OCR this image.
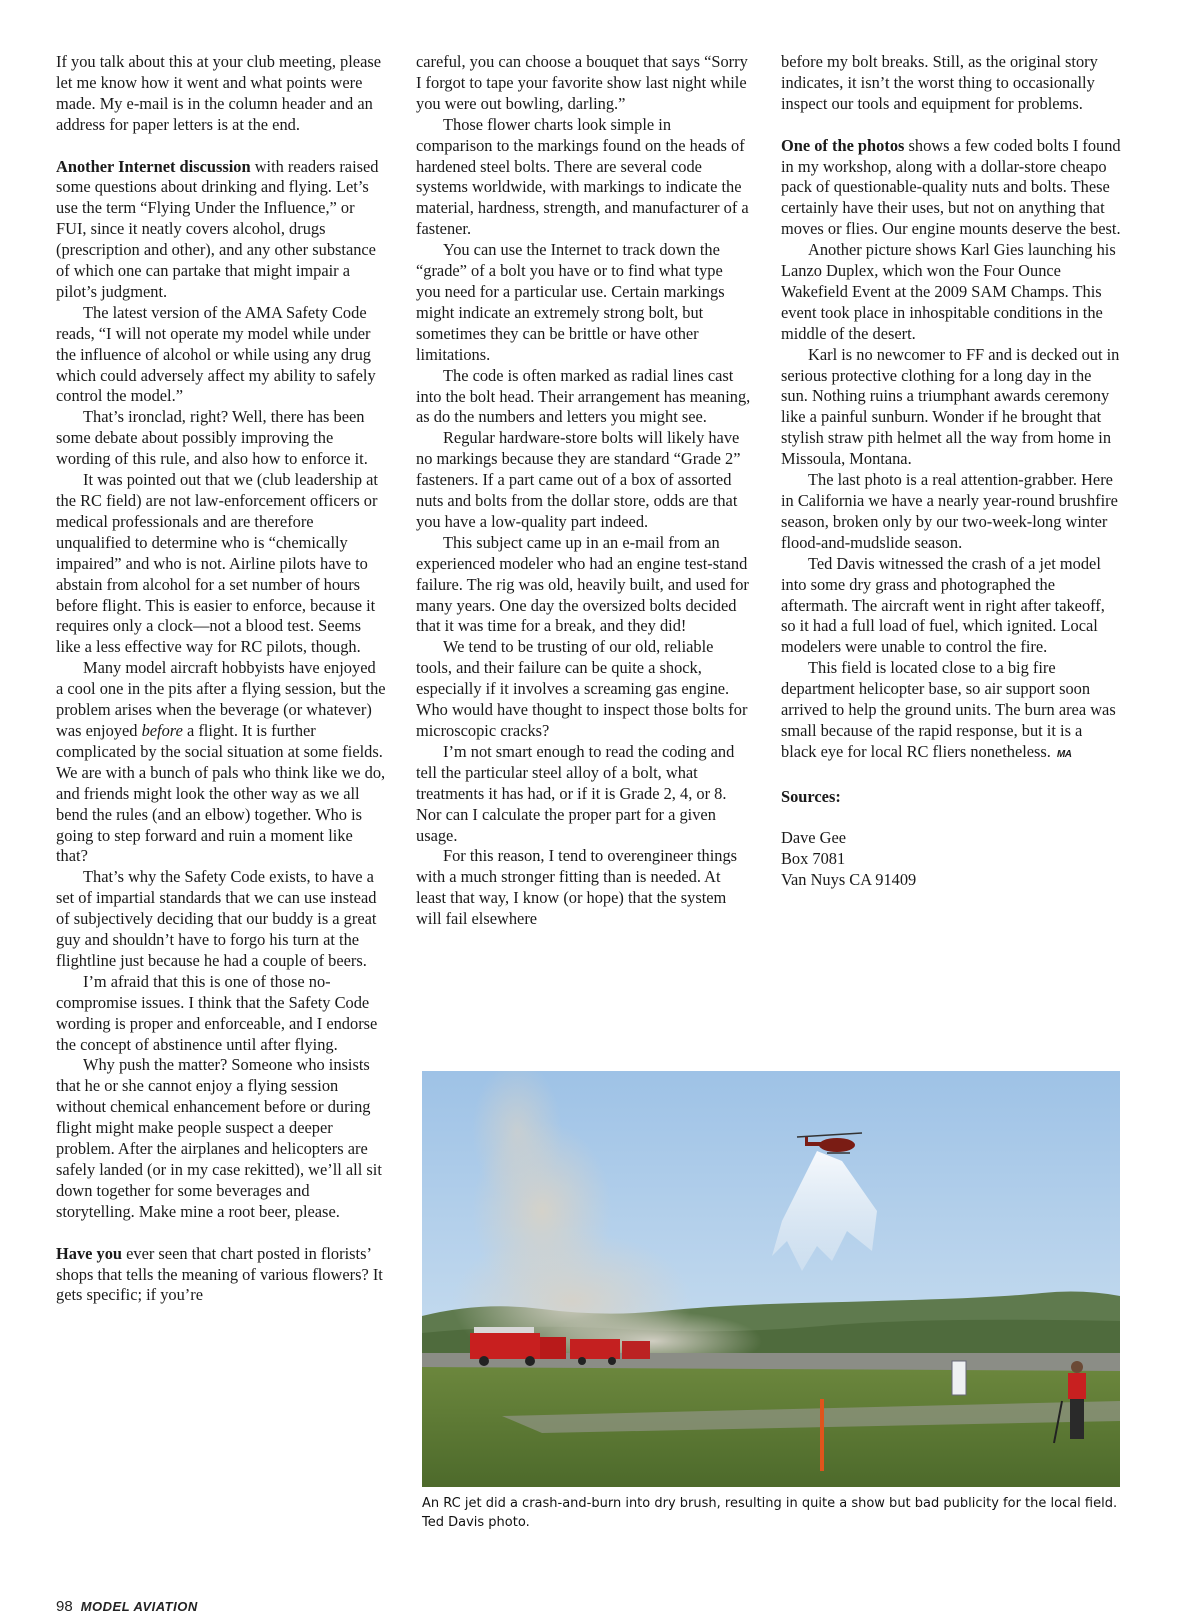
If you talk about this at your club meeting, please let me know how it went and what points were made. My e-mail is in the column header and an address for paper letters is at the end.

Another Internet discussion with readers raised some questions about drinking and flying. Let’s use the term “Flying Under the Influence,” or FUI, since it neatly covers alcohol, drugs (prescription and other), and any other substance of which one can partake that might impair a pilot’s judgment.

The latest version of the AMA Safety Code reads, “I will not operate my model while under the influence of alcohol or while using any drug which could adversely affect my ability to safely control the model.”

That’s ironclad, right? Well, there has been some debate about possibly improving the wording of this rule, and also how to enforce it.

It was pointed out that we (club leadership at the RC field) are not law-enforcement officers or medical professionals and are therefore unqualified to determine who is “chemically impaired” and who is not. Airline pilots have to abstain from alcohol for a set number of hours before flight. This is easier to enforce, because it requires only a clock—not a blood test. Seems like a less effective way for RC pilots, though.

Many model aircraft hobbyists have enjoyed a cool one in the pits after a flying session, but the problem arises when the beverage (or whatever) was enjoyed before a flight. It is further complicated by the social situation at some fields. We are with a bunch of pals who think like we do, and friends might look the other way as we all bend the rules (and an elbow) together. Who is going to step forward and ruin a moment like that?

That’s why the Safety Code exists, to have a set of impartial standards that we can use instead of subjectively deciding that our buddy is a great guy and shouldn’t have to forgo his turn at the flightline just because he had a couple of beers.

I’m afraid that this is one of those no-compromise issues. I think that the Safety Code wording is proper and enforceable, and I endorse the concept of abstinence until after flying.

Why push the matter? Someone who insists that he or she cannot enjoy a flying session without chemical enhancement before or during flight might make people suspect a deeper problem. After the airplanes and helicopters are safely landed (or in my case rekitted), we’ll all sit down together for some beverages and storytelling. Make mine a root beer, please.

Have you ever seen that chart posted in florists’ shops that tells the meaning of various flowers? It gets specific; if you’re

careful, you can choose a bouquet that says “Sorry I forgot to tape your favorite show last night while you were out bowling, darling.”

Those flower charts look simple in comparison to the markings found on the heads of hardened steel bolts. There are several code systems worldwide, with markings to indicate the material, hardness, strength, and manufacturer of a fastener.

You can use the Internet to track down the “grade” of a bolt you have or to find what type you need for a particular use. Certain markings might indicate an extremely strong bolt, but sometimes they can be brittle or have other limitations.

The code is often marked as radial lines cast into the bolt head. Their arrangement has meaning, as do the numbers and letters you might see.

Regular hardware-store bolts will likely have no markings because they are standard “Grade 2” fasteners. If a part came out of a box of assorted nuts and bolts from the dollar store, odds are that you have a low-quality part indeed.

This subject came up in an e-mail from an experienced modeler who had an engine test-stand failure. The rig was old, heavily built, and used for many years. One day the oversized bolts decided that it was time for a break, and they did!

We tend to be trusting of our old, reliable tools, and their failure can be quite a shock, especially if it involves a screaming gas engine. Who would have thought to inspect those bolts for microscopic cracks?

I’m not smart enough to read the coding and tell the particular steel alloy of a bolt, what treatments it has had, or if it is Grade 2, 4, or 8. Nor can I calculate the proper part for a given usage.

For this reason, I tend to overengineer things with a much stronger fitting than is needed. At least that way, I know (or hope) that the system will fail elsewhere

before my bolt breaks. Still, as the original story indicates, it isn’t the worst thing to occasionally inspect our tools and equipment for problems.

One of the photos shows a few coded bolts I found in my workshop, along with a dollar-store cheapo pack of questionable-quality nuts and bolts. These certainly have their uses, but not on anything that moves or flies. Our engine mounts deserve the best.

Another picture shows Karl Gies launching his Lanzo Duplex, which won the Four Ounce Wakefield Event at the 2009 SAM Champs. This event took place in inhospitable conditions in the middle of the desert.

Karl is no newcomer to FF and is decked out in serious protective clothing for a long day in the sun. Nothing ruins a triumphant awards ceremony like a painful sunburn. Wonder if he brought that stylish straw pith helmet all the way from home in Missoula, Montana.

The last photo is a real attention-grabber. Here in California we have a nearly year-round brushfire season, broken only by our two-week-long winter flood-and-mudslide season.

Ted Davis witnessed the crash of a jet model into some dry grass and photographed the aftermath. The aircraft went in right after takeoff, so it had a full load of fuel, which ignited. Local modelers were unable to control the fire.

This field is located close to a big fire department helicopter base, so air support soon arrived to help the ground units. The burn area was small because of the rapid response, but it is a black eye for local RC fliers nonetheless. MA

Sources:

Dave Gee
Box 7081
Van Nuys CA 91409
An RC jet did a crash-and-burn into dry brush, resulting in quite a show but bad publicity for the local field. Ted Davis photo.
98 MODEL AVIATION
